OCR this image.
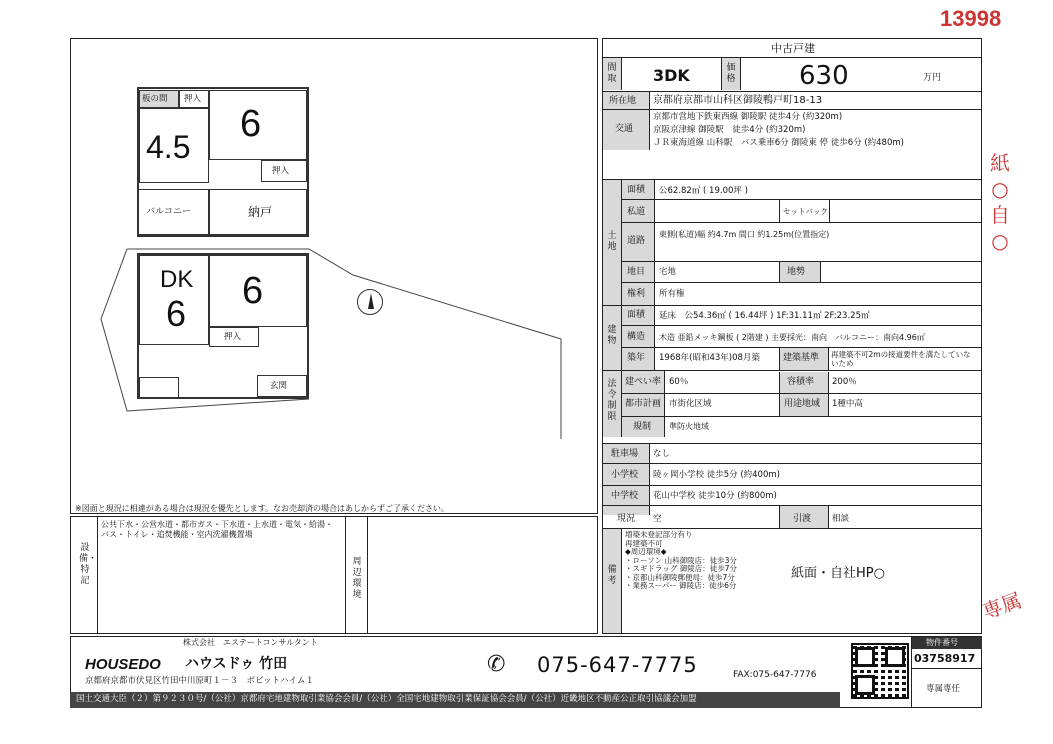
13998
板の間 押入
4.5
6
押入
バルコニー	納戸
DK
6
6
押入
玄関
※図面と現況に相違がある場合は現況を優先とします。なお売却済の場合はあしからずご了承ください。
設備・特記
公共下水・公営水道・都市ガス・下水道・上水道・電気・給湯・
バス・トイレ・追焚機能・室内洗濯機置場
周辺環境
中古戸建
間取 3DK	価格 630	万円
所在地 京都府京都市山科区御陵鴨戸町18-13
交通
京都市営地下鉄東西線 御陵駅 徒歩4分 (約320m)
京阪京津線 御陵駅　徒歩4分 (約320m)
ＪＲ東海道線 山科駅　バス乗車6分 御陵東 停 徒歩6分 (約480m)
土地
面積 公62.82㎡ ( 19.00坪 )
私道	セットバック
道路
東側(私道)幅 約4.7m 間口 約1.25m(位置指定)
地目 宅地	地勢
権利 所有権
建物
面積 延床　公54.36㎡ ( 16.44坪 ) 1F:31.11㎡ 2F:23.25㎡
構造 木造 亜鉛メッキ鋼板 ( 2階建 ) 主要採光：南向　バルコニー：南向4.96㎡
築年 1968年(昭和43年)08月築	建築基準 再建築不可2mの接道要件を満たしていないため
法令制限
建ぺい率 60％	容積率 200％
都市計画 市街化区域	用途地域 1種中高
規制 準防火地域
駐車場 なし
小学校 陵ヶ岡小学校 徒歩5分 (約400m)
中学校 花山中学校 徒歩10分 (約800m)
現況 空	引渡 相談
備考
増築未登記部分有り
再建築不可
◆周辺環境◆
・ローソン 山科御陵店：徒歩3分
・スギドラッグ 御陵店：徒歩7分
・京都山科御陵郵便局：徒歩7分
・業務スーパー 御陵店：徒歩6分
紙面・自社HP○
紙○自○
専属
株式会社　エステートコンサルタント
HOUSEDO ハウスドゥ 竹田
京都府京都市伏見区竹田中川原町１－３　ボビットハイム１
✆ 075-647-7775	FAX:075-647-7776
物件番号
03758917
専属専任
国土交通大臣（２）第９２３０号/（公社）京都府宅地建物取引業協会会員/（公社）全国宅地建物取引業保証協会会員/（公社）近畿地区不動産公正取引協議会加盟
